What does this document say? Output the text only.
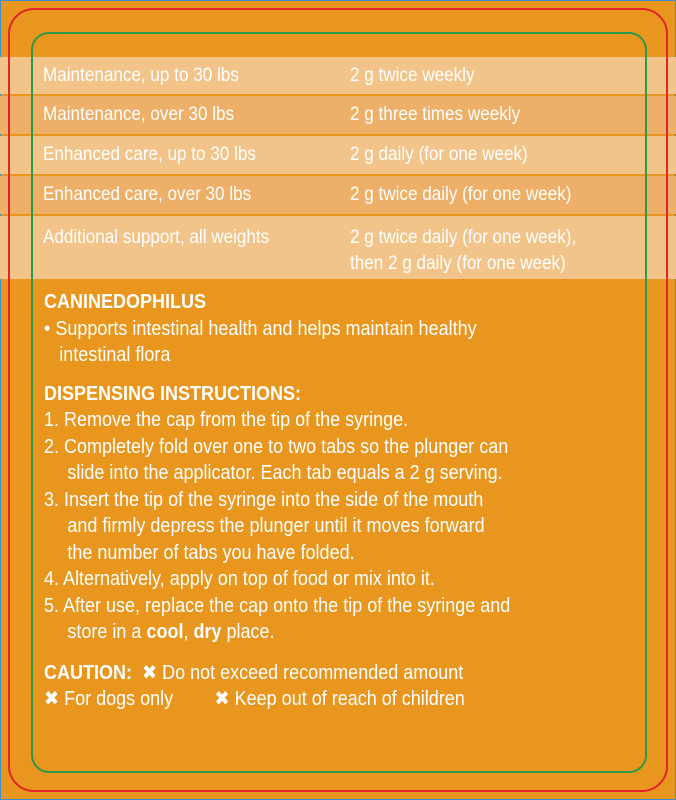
Maintenance, up to 30 lbs	2 g twice weekly
Maintenance, over 30 lbs	2 g three times weekly
Enhanced care, up to 30 lbs	2 g daily (for one week)
Enhanced care, over 30 lbs	2 g twice daily (for one week)
Additional support, all weights	2 g twice daily (for one week),
then 2 g daily (for one week)
CANINEDOPHILUS
• Supports intestinal health and helps maintain healthy
intestinal flora
DISPENSING INSTRUCTIONS:
1. Remove the cap from the tip of the syringe.
2. Completely fold over one to two tabs so the plunger can
slide into the applicator. Each tab equals a 2 g serving.
3. Insert the tip of the syringe into the side of the mouth
and firmly depress the plunger until it moves forward
the number of tabs you have folded.
4. Alternatively, apply on top of food or mix into it.
5. After use, replace the cap onto the tip of the syringe and
store in a cool, dry place.
CAUTION: ✖ Do not exceed recommended amount
✖ For dogs only ✖ Keep out of reach of children
